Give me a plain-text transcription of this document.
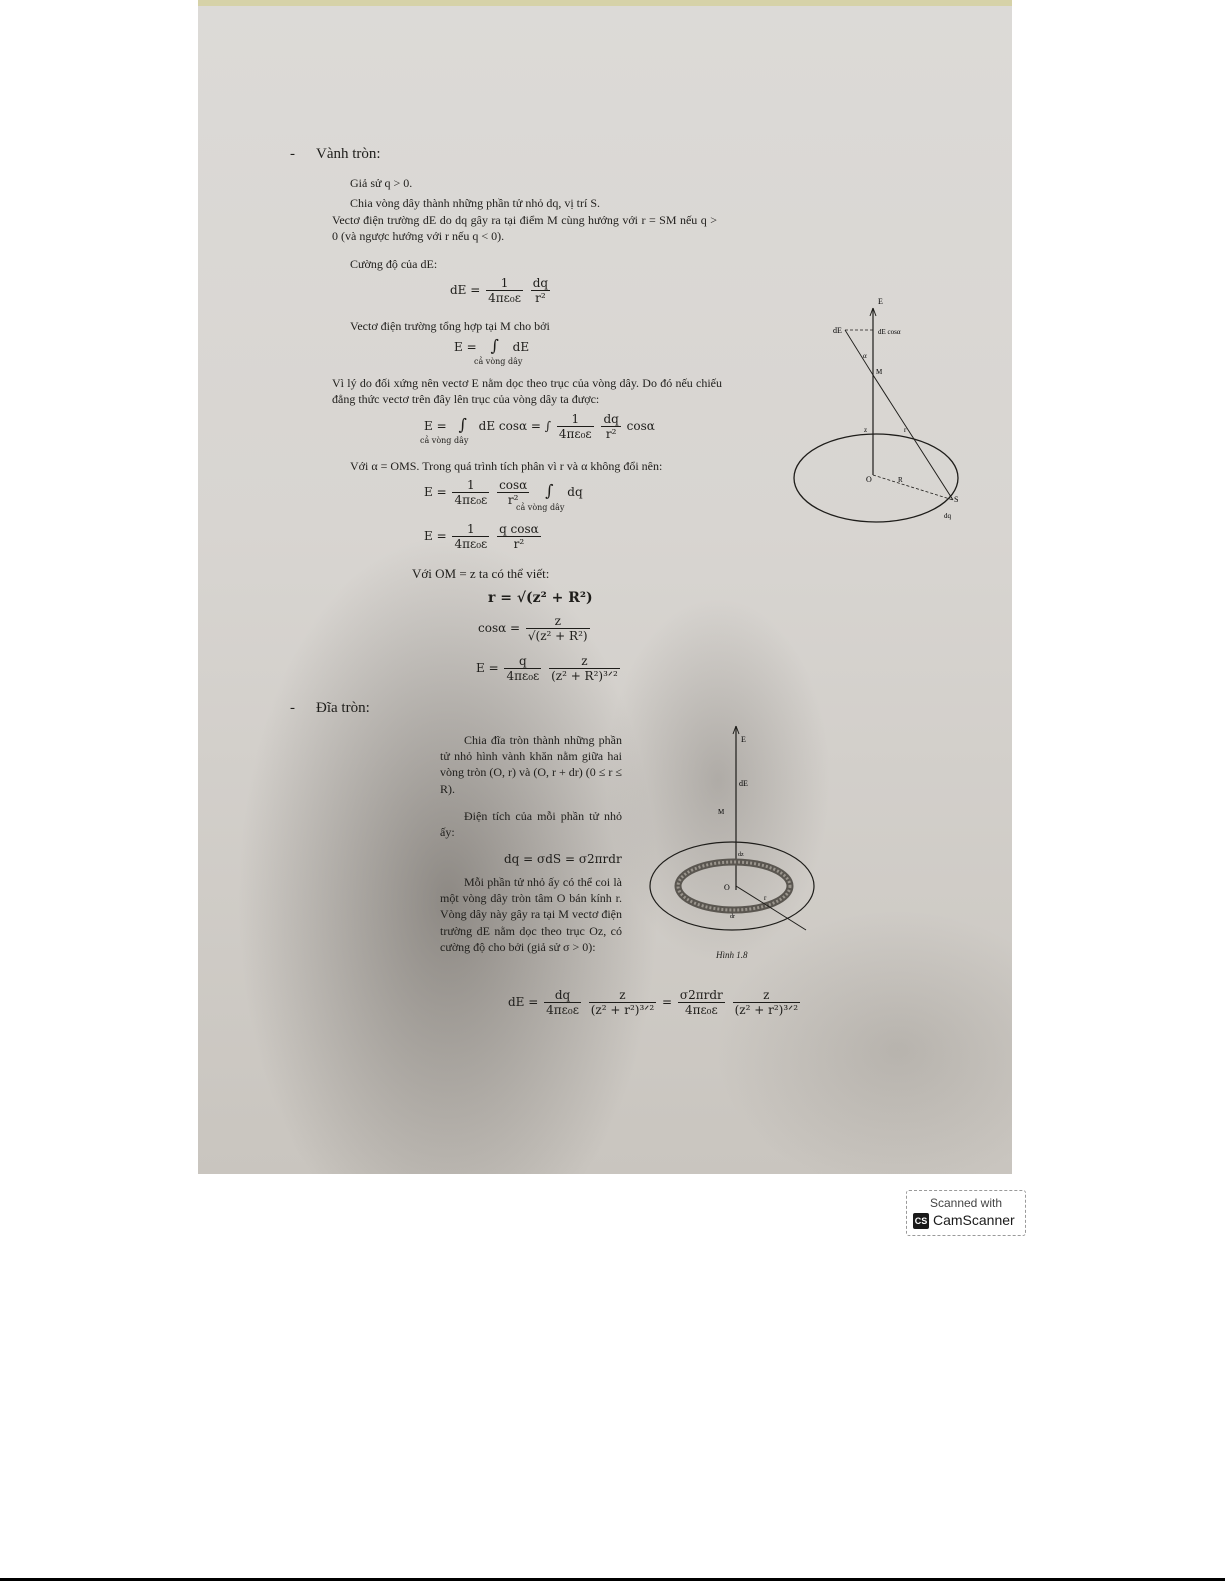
- Vành tròn:
Giả sử q > 0.
Chia vòng dây thành những phần tử nhỏ dq, vị trí S.
Vectơ điện trường dE do dq gây ra tại điểm M cùng hướng với r = SM nếu q > 0 (và ngược hướng với r nếu q < 0).
Cường độ của dE:
dE = $\frac{1}{\text{4πε₀ε}}$
$\frac{dq}{\text{r²}}$
Vectơ điện trường tổng hợp tại M cho bởi
E = ∫ dE
cả vòng dây
Vì lý do đối xứng nên vectơ E nằm dọc theo trục của vòng dây. Do đó nếu chiếu đẳng thức vectơ trên đây lên trục của vòng dây ta được:
E = ∫ dE cosα = ∫ $\frac{1}{\text{4πε₀ε}}$
$\frac{dq}{\text{r²}}$ cosα
cả vòng dây
Với α = OMS. Trong quá trình tích phân vì r và α không đổi nên:
$E = \frac{1}{\text{4πε₀ε}}$
$\frac{\cos\alpha}{\text{r²}}$ ∫ dq
cả vòng dây
$E = \frac{1}{\text{4πε₀ε}}$
$\frac{\text{q cosα}}{\text{r²}}$
Với OM = z ta có thể viết:
r = √(z² + R²)
$\cos\alpha = \frac{z}{\text{√(z² + R²)}}$
$E = \frac{q}{\text{4πε₀ε}}$
$\frac{z}{\text{(z² + R²)³ᐟ²}}$
E
dE	dE cosα
α
M
z	r
O	R
S
dq
- Đĩa tròn:
Chia đĩa tròn thành những phần tử nhỏ hình vành khăn nằm giữa hai vòng tròn (O, r) và (O, r + dr) (0 ≤ r ≤ R).
Điện tích của mỗi phần tử nhỏ ấy:
dq = σdS = σ2πrdr
Mỗi phần tử nhỏ ấy có thể coi là một vòng dây tròn tâm O bán kính r. Vòng dây này gây ra tại M vectơ điện trường dE nằm dọc theo trục Oz, có cường độ cho bởi (giả sử σ > 0):
dE = $\frac{dq}{\text{4πε₀ε}}$
$\frac{z}{\text{(z² + r²)³ᐟ²}} = \frac{\text{σ2πrdr}}{\text{4πε₀ε}}$
$\frac{z}{\text{(z² + r²)³ᐟ²}}$
E
dE
M
dz
O
r
dr
Hình 1.8
Scanned with
CS CamScanner
